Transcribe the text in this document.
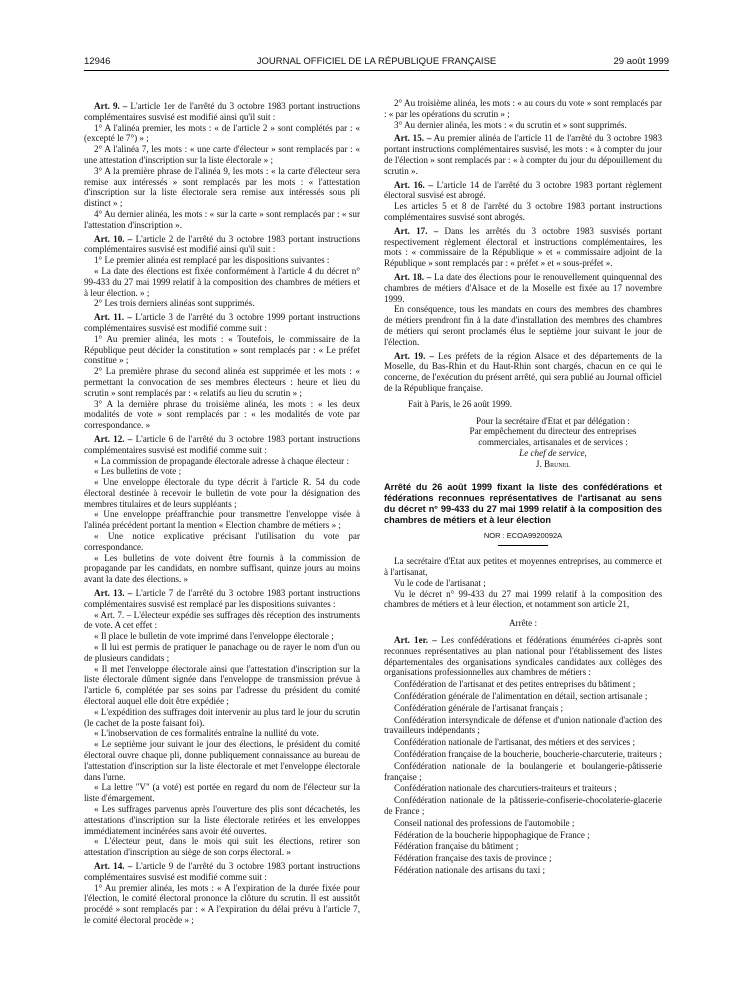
12946	JOURNAL OFFICIEL DE LA RÉPUBLIQUE FRANÇAISE	29 août 1999

Art. 9. – L'article 1er de l'arrêté du 3 octobre 1983 portant instructions complémentaires susvisé est modifié ainsi qu'il suit :

1° A l'alinéa premier, les mots : « de l'article 2 » sont complétés par : « (excepté le 7°) » ;

2° A l'alinéa 7, les mots : « une carte d'électeur » sont remplacés par : « une attestation d'inscription sur la liste électorale » ;

3° A la première phrase de l'alinéa 9, les mots : « la carte d'électeur sera remise aux intéressés » sont remplacés par les mots : « l'attestation d'inscription sur la liste électorale sera remise aux intéressés sous pli distinct » ;

4° Au dernier alinéa, les mots : « sur la carte » sont remplacés par : « sur l'attestation d'inscription ».

Art. 10. – L'article 2 de l'arrêté du 3 octobre 1983 portant instructions complémentaires susvisé est modifié ainsi qu'il suit :

1° Le premier alinéa est remplacé par les dispositions suivantes :

« La date des élections est fixée conformément à l'article 4 du décret n° 99-433 du 27 mai 1999 relatif à la composition des chambres de métiers et à leur élection. » ;

2° Les trois derniers alinéas sont supprimés.

Art. 11. – L'article 3 de l'arrêté du 3 octobre 1999 portant instructions complémentaires susvisé est modifié comme suit :

1° Au premier alinéa, les mots : « Toutefois, le commissaire de la République peut décider la constitution » sont remplacés par : « Le préfet constitue » ;

2° La première phrase du second alinéa est supprimée et les mots : « permettant la convocation de ses membres électeurs : heure et lieu du scrutin » sont remplacés par : « relatifs au lieu du scrutin » ;

3° A la dernière phrase du troisième alinéa, les mots : « les deux modalités de vote » sont remplacés par : « les modalités de vote par correspondance. »

Art. 12. – L'article 6 de l'arrêté du 3 octobre 1983 portant instructions complémentaires susvisé est modifié comme suit :

« La commission de propagande électorale adresse à chaque électeur :

« Les bulletins de vote ;

« Une enveloppe électorale du type décrit à l'article R. 54 du code électoral destinée à recevoir le bulletin de vote pour la désignation des membres titulaires et de leurs suppléants ;

« Une enveloppe préaffranchie pour transmettre l'enveloppe visée à l'alinéa précédent portant la mention « Election chambre de métiers » ;

« Une notice explicative précisant l'utilisation du vote par correspondance.

« Les bulletins de vote doivent être fournis à la commission de propagande par les candidats, en nombre suffisant, quinze jours au moins avant la date des élections. »

Art. 13. – L'article 7 de l'arrêté du 3 octobre 1983 portant instructions complémentaires susvisé est remplacé par les dispositions suivantes :

« Art. 7. – L'électeur expédie ses suffrages dès réception des instruments de vote. A cet effet :

« Il place le bulletin de vote imprimé dans l'enveloppe électorale ;

« Il lui est permis de pratiquer le panachage ou de rayer le nom d'un ou de plusieurs candidats ;

« Il met l'enveloppe électorale ainsi que l'attestation d'inscription sur la liste électorale dûment signée dans l'enveloppe de transmission prévue à l'article 6, complétée par ses soins par l'adresse du président du comité électoral auquel elle doit être expédiée ;

« L'expédition des suffrages doit intervenir au plus tard le jour du scrutin (le cachet de la poste faisant foi).

« L'inobservation de ces formalités entraîne la nullité du vote.

« Le septième jour suivant le jour des élections, le président du comité électoral ouvre chaque pli, donne publiquement connaissance au bureau de l'attestation d'inscription sur la liste électorale et met l'enveloppe électorale dans l'urne.

« La lettre "V" (a voté) est portée en regard du nom de l'électeur sur la liste d'émargement.

« Les suffrages parvenus après l'ouverture des plis sont décachetés, les attestations d'inscription sur la liste électorale retirées et les enveloppes immédiatement incinérées sans avoir été ouvertes.

« L'électeur peut, dans le mois qui suit les élections, retirer son attestation d'inscription au siège de son corps électoral. »

Art. 14. – L'article 9 de l'arrêté du 3 octobre 1983 portant instructions complémentaires susvisé est modifié comme suit :

1° Au premier alinéa, les mots : « A l'expiration de la durée fixée pour l'élection, le comité électoral prononce la clôture du scrutin. Il est aussitôt procédé » sont remplacés par : « A l'expiration du délai prévu à l'article 7, le comité électoral procède » ;

2° Au troisième alinéa, les mots : « au cours du vote » sont remplacés par : « par les opérations du scrutin » ;

3° Au dernier alinéa, les mots : « du scrutin et » sont supprimés.

Art. 15. – Au premier alinéa de l'article 11 de l'arrêté du 3 octobre 1983 portant instructions complémentaires susvisé, les mots : « à compter du jour de l'élection » sont remplacés par : « à compter du jour du dépouillement du scrutin ».

Art. 16. – L'article 14 de l'arrêté du 3 octobre 1983 portant règlement électoral susvisé est abrogé.

Les articles 5 et 8 de l'arrêté du 3 octobre 1983 portant instructions complémentaires susvisé sont abrogés.

Art. 17. – Dans les arrêtés du 3 octobre 1983 susvisés portant respectivement règlement électoral et instructions complémentaires, les mots : « commissaire de la République » et « commissaire adjoint de la République » sont remplacés par : « préfet » et « sous-préfet ».

Art. 18. – La date des élections pour le renouvellement quinquennal des chambres de métiers d'Alsace et de la Moselle est fixée au 17 novembre 1999.

En conséquence, tous les mandats en cours des membres des chambres de métiers prendront fin à la date d'installation des membres des chambres de métiers qui seront proclamés élus le septième jour suivant le jour de l'élection.

Art. 19. – Les préfets de la région Alsace et des départements de la Moselle, du Bas-Rhin et du Haut-Rhin sont chargés, chacun en ce qui le concerne, de l'exécution du présent arrêté, qui sera publié au Journal officiel de la République française.

Fait à Paris, le 26 août 1999.

Pour la secrétaire d'Etat et par délégation :

Par empêchement du directeur des entreprises

commerciales, artisanales et de services :

Le chef de service,

J. Brunel

Arrêté du 26 août 1999 fixant la liste des confédérations et fédérations reconnues représentatives de l'artisanat au sens du décret n° 99-433 du 27 mai 1999 relatif à la composition des chambres de métiers et à leur élection
NOR : ECOA9920092A

La secrétaire d'Etat aux petites et moyennes entreprises, au commerce et à l'artisanat,

Vu le code de l'artisanat ;

Vu le décret n° 99-433 du 27 mai 1999 relatif à la composition des chambres de métiers et à leur élection, et notamment son article 21,

Arrête :

Art. 1er. – Les confédérations et fédérations énumérées ci-après sont reconnues représentatives au plan national pour l'établissement des listes départementales des organisations syndicales candidates aux collèges des organisations professionnelles aux chambres de métiers :

Confédération de l'artisanat et des petites entreprises du bâtiment ;

Confédération générale de l'alimentation en détail, section artisanale ;

Confédération générale de l'artisanat français ;

Confédération intersyndicale de défense et d'union nationale d'action des travailleurs indépendants ;

Confédération nationale de l'artisanat, des métiers et des services ;

Confédération française de la boucherie, boucherie-charcuterie, traiteurs ;

Confédération nationale de la boulangerie et boulangerie-pâtisserie française ;

Confédération nationale des charcutiers-traiteurs et traiteurs ;

Confédération nationale de la pâtisserie-confiserie-chocolaterie-glacerie de France ;

Conseil national des professions de l'automobile ;

Fédération de la boucherie hippophagique de France ;

Fédération française du bâtiment ;

Fédération française des taxis de province ;

Fédération nationale des artisans du taxi ;
